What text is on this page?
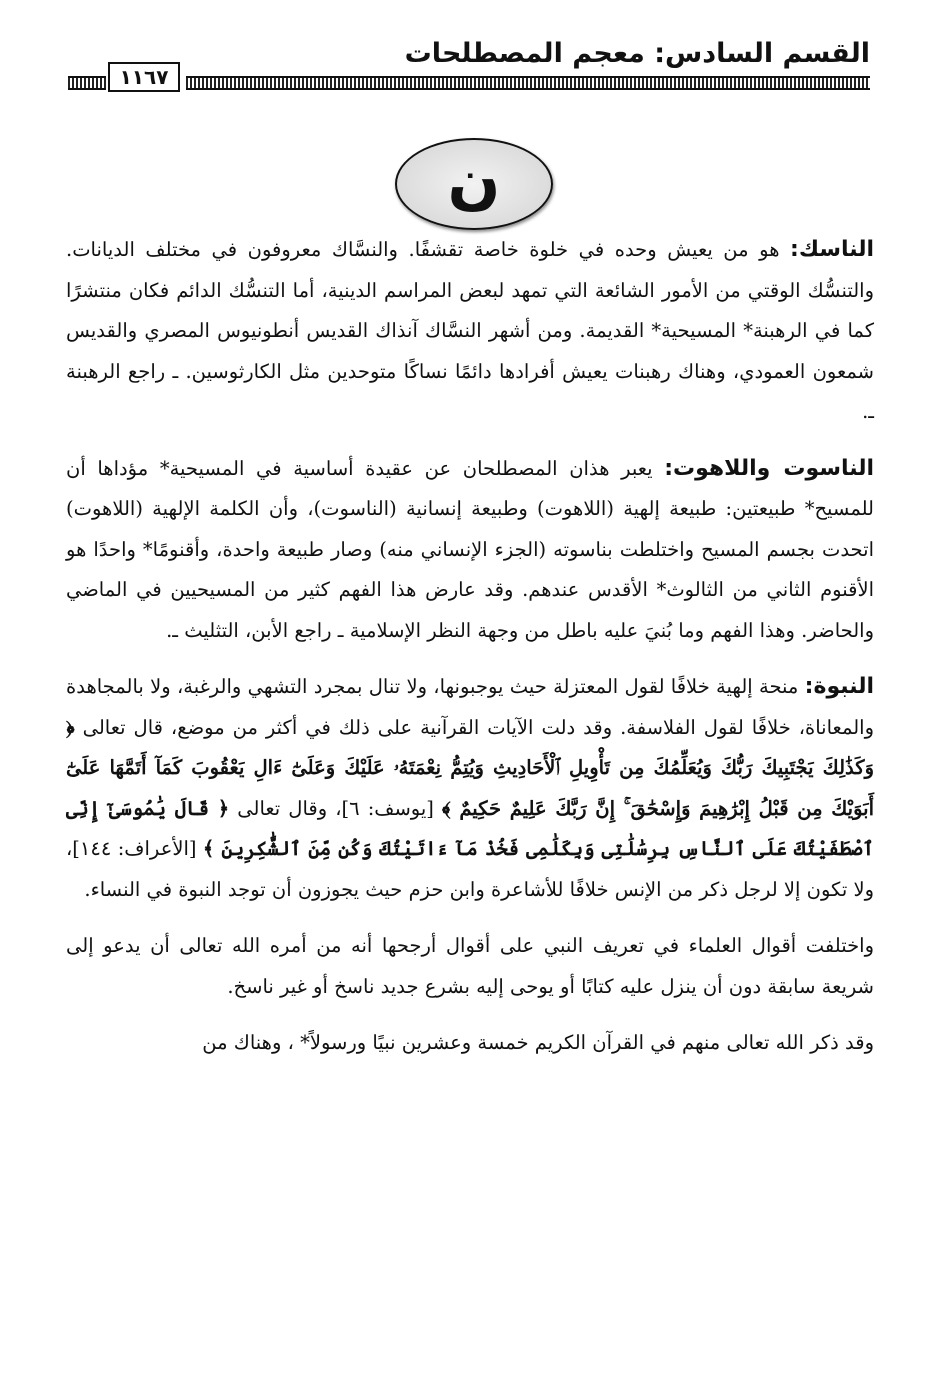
القسم السادس: معجم المصطلحات
١١٦٧
ن

الناسك: هو من يعيش وحده في خلوة خاصة تقشفًا. والنسَّاك معروفون في مختلف الديانات. والتنسُّك الوقتي من الأمور الشائعة التي تمهد لبعض المراسم الدينية، أما التنسُّك الدائم فكان منتشرًا كما في الرهبنة* المسيحية* القديمة. ومن أشهر النسَّاك آنذاك القديس أنطونيوس المصري والقديس شمعون العمودي، وهناك رهبنات يعيش أفرادها دائمًا نساكًا متوحدين مثل الكارثوسين. ـ راجع الرهبنة ـ.

الناسوت واللاهوت: يعبر هذان المصطلحان عن عقيدة أساسية في المسيحية* مؤداها أن للمسيح* طبيعتين: طبيعة إلهية (اللاهوت) وطبيعة إنسانية (الناسوت)، وأن الكلمة الإلهية (اللاهوت) اتحدت بجسم المسيح واختلطت بناسوته (الجزء الإنساني منه) وصار طبيعة واحدة، وأقنومًا* واحدًا هو الأقنوم الثاني من الثالوث* الأقدس عندهم. وقد عارض هذا الفهم كثير من المسيحيين في الماضي والحاضر. وهذا الفهم وما بُنيَ عليه باطل من وجهة النظر الإسلامية ـ راجع الأبن، التثليث ـ.

النبوة: منحة إلهية خلافًا لقول المعتزلة حيث يوجبونها، ولا تنال بمجرد التشهي والرغبة، ولا بالمجاهدة والمعاناة، خلافًا لقول الفلاسفة. وقد دلت الآيات القرآنية على ذلك في أكثر من موضع، قال تعالى ﴿ وَكَذَٰلِكَ يَجْتَبِيكَ رَبُّكَ وَيُعَلِّمُكَ مِن تَأْوِيلِ ٱلْأَحَادِيثِ وَيُتِمُّ نِعْمَتَهُۥ عَلَيْكَ وَعَلَىٰٓ ءَالِ يَعْقُوبَ كَمَآ أَتَمَّهَا عَلَىٰٓ أَبَوَيْكَ مِن قَبْلُ إِبْرَٰهِيمَ وَإِسْحَٰقَ ۚ إِنَّ رَبَّكَ عَلِيمٌ حَكِيمٌ ﴾ [يوسف: ٦]، وقال تعالى ﴿ قَالَ يَٰمُوسَىٰٓ إِنِّى ٱصْطَفَيْتُكَ عَلَى ٱلنَّاسِ بِرِسَٰلَٰتِى وَبِكَلَٰمِى فَخُذْ مَآ ءَاتَيْتُكَ وَكُن مِّنَ ٱلشَّٰكِرِينَ ﴾ [الأعراف: ١٤٤]، ولا تكون إلا لرجل ذكر من الإنس خلافًا للأشاعرة وابن حزم حيث يجوزون أن توجد النبوة في النساء.

واختلفت أقوال العلماء في تعريف النبي على أقوال أرجحها أنه من أمره الله تعالى أن يدعو إلى شريعة سابقة دون أن ينزل عليه كتابًا أو يوحى إليه بشرع جديد ناسخ أو غير ناسخ.

وقد ذكر الله تعالى منهم في القرآن الكريم خمسة وعشرين نبيًا ورسولاً* ، وهناك من
